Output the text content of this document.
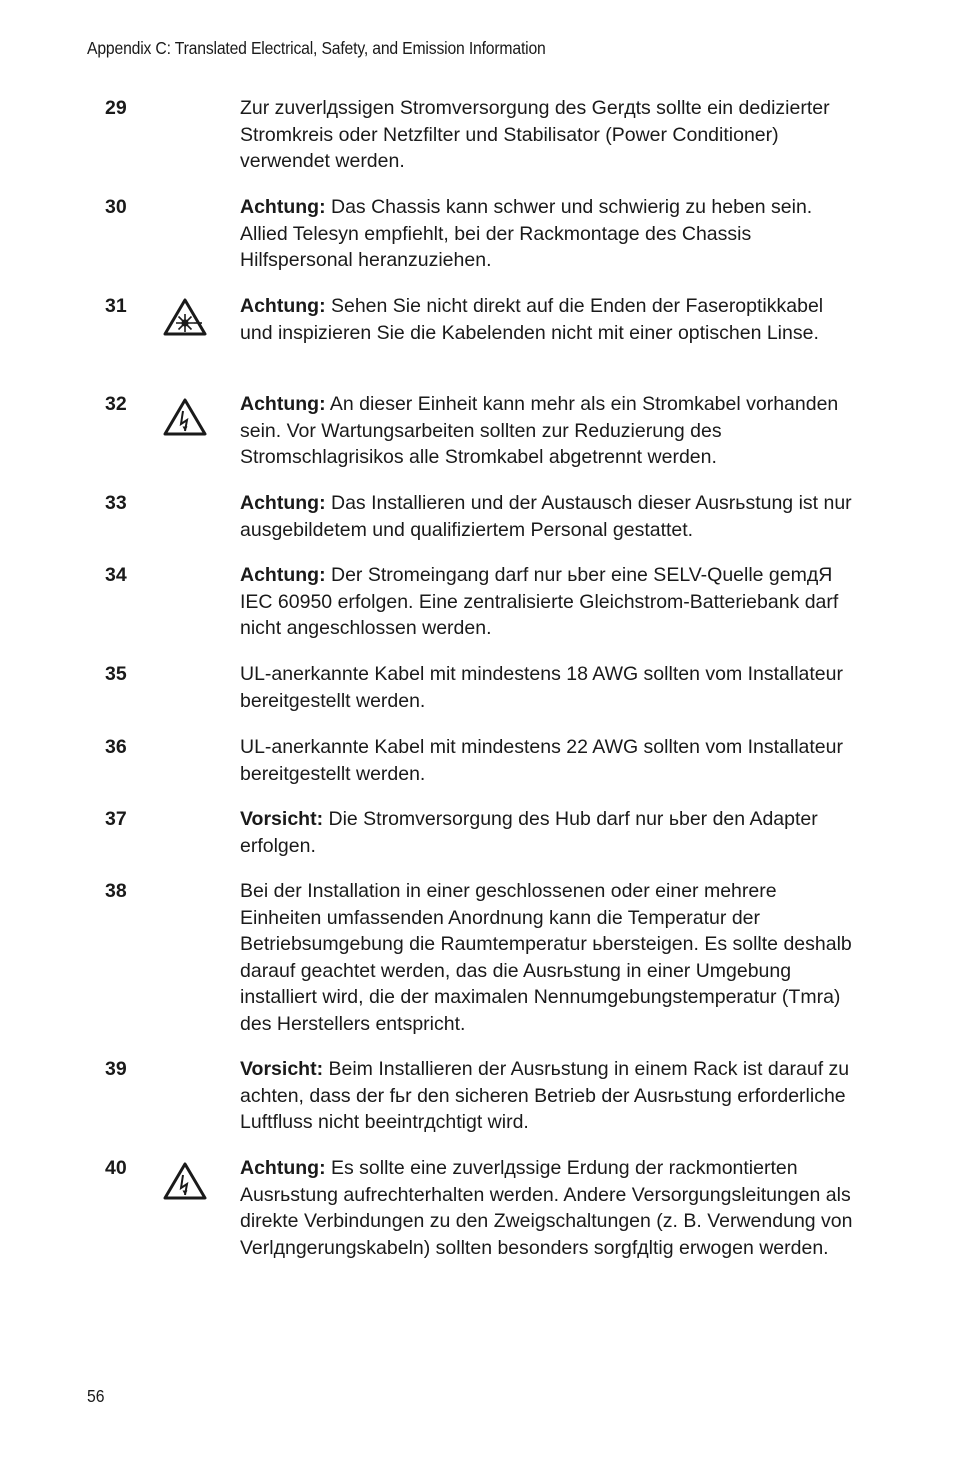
Appendix C: Translated Electrical, Safety, and Emission Information
29	Zur zuverlдssigen Stromversorgung des Gerдts sollte ein dedizierter Stromkreis oder Netzfilter und Stabilisator (Power Conditioner) verwendet werden.
30	Achtung: Das Chassis kann schwer und schwierig zu heben sein. Allied Telesyn empfiehlt, bei der Rackmontage des Chassis Hilfspersonal heranzuziehen.
31	Achtung: Sehen Sie nicht direkt auf die Enden der Faseroptikkabel und inspizieren Sie die Kabelenden nicht mit einer optischen Linse.
32	Achtung: An dieser Einheit kann mehr als ein Stromkabel vorhanden sein. Vor Wartungsarbeiten sollten zur Reduzierung des Stromschlagrisikos alle Stromkabel abgetrennt werden.
33	Achtung: Das Installieren und der Austausch dieser Ausrьstung ist nur ausgebildetem und qualifiziertem Personal gestattet.
34	Achtung: Der Stromeingang darf nur ьber eine SELV-Quelle gemдЯ IEC 60950 erfolgen. Eine zentralisierte Gleichstrom-Batteriebank darf nicht angeschlossen werden.
35	UL-anerkannte Kabel mit mindestens 18 AWG sollten vom Installateur bereitgestellt werden.
36	UL-anerkannte Kabel mit mindestens 22 AWG sollten vom Installateur bereitgestellt werden.
37	Vorsicht: Die Stromversorgung des Hub darf nur ьber den Adapter erfolgen.
38	Bei der Installation in einer geschlossenen oder einer mehrere Einheiten umfassenden Anordnung kann die Temperatur der Betriebsumgebung die Raumtemperatur ьbersteigen. Es sollte deshalb darauf geachtet werden, das die Ausrьstung in einer Umgebung installiert wird, die der maximalen Nennumgebungstemperatur (Tmra) des Herstellers entspricht.
39	Vorsicht: Beim Installieren der Ausrьstung in einem Rack ist darauf zu achten, dass der fьr den sicheren Betrieb der Ausrьstung erforderliche Luftfluss nicht beeintrдchtigt wird.
40	Achtung: Es sollte eine zuverlдssige Erdung der rackmontierten Ausrьstung aufrechterhalten werden. Andere Versorgungsleitungen als direkte Verbindungen zu den Zweigschaltungen (z. B. Verwendung von Verlдngerungskabeln) sollten besonders sorgfдltig erwogen werden.
56
